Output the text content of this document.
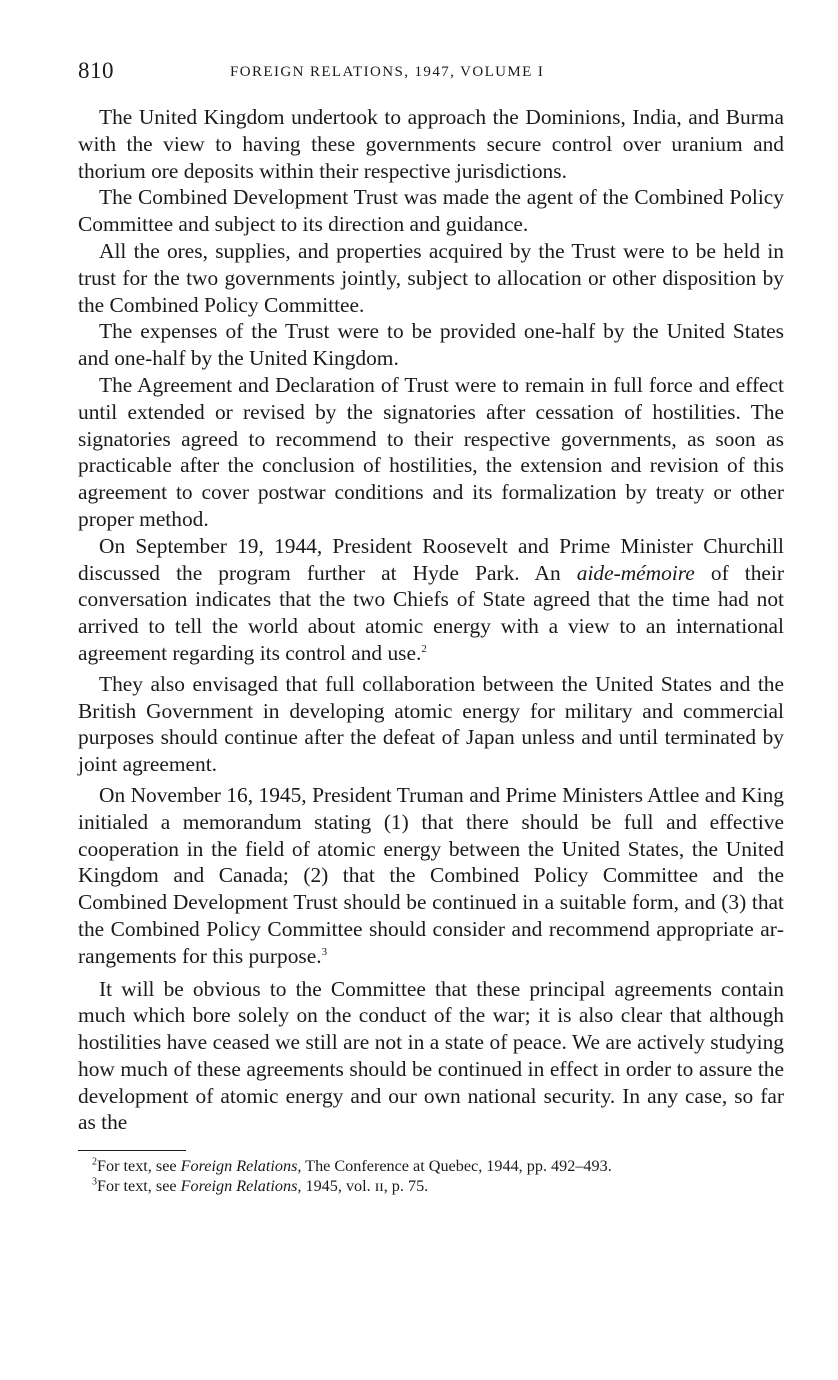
810	FOREIGN RELATIONS, 1947, VOLUME I

The United Kingdom undertook to approach the Dominions, India, and Burma with the view to having these governments secure control over uranium and thorium ore deposits within their respective jurisdictions.

The Combined Development Trust was made the agent of the Combined Policy Committee and subject to its direction and guidance.

All the ores, supplies, and properties acquired by the Trust were to be held in trust for the two governments jointly, subject to allocation or other disposition by the Combined Policy Committee.

The expenses of the Trust were to be provided one-half by the United States and one-half by the United Kingdom.

The Agreement and Declaration of Trust were to remain in full force and effect until extended or revised by the signatories after cessation of hostilities. The signatories agreed to recommend to their respective governments, as soon as practicable after the conclusion of hostilities, the extension and revision of this agreement to cover postwar conditions and its formalization by treaty or other proper method.

On September 19, 1944, President Roosevelt and Prime Minister Churchill discussed the program further at Hyde Park. An aide-mémoire of their conversation indicates that the two Chiefs of State agreed that the time had not arrived to tell the world about atomic energy with a view to an international agreement regarding its control and use.$^2$

They also envisaged that full collaboration between the United States and the British Government in developing atomic energy for military and commercial purposes should continue after the defeat of Japan unless and until terminated by joint agreement.

On November 16, 1945, President Truman and Prime Ministers Attlee and King initialed a memorandum stating (1) that there should be full and effective cooperation in the field of atomic energy between the United States, the United Kingdom and Canada; (2) that the Combined Policy Committee and the Combined Development Trust should be continued in a suitable form, and (3) that the Combined Policy Committee should consider and recommend appropriate arrangements for this purpose.$^3$

It will be obvious to the Committee that these principal agreements contain much which bore solely on the conduct of the war; it is also clear that although hostilities have ceased we still are not in a state of peace. We are actively studying how much of these agreements should be continued in effect in order to assure the development of atomic energy and our own national security. In any case, so far as the

$^2$For text, see Foreign Relations, The Conference at Quebec, 1944, pp. 492–493.

$^3$For text, see Foreign Relations, 1945, vol. ɪɪ, p. 75.
